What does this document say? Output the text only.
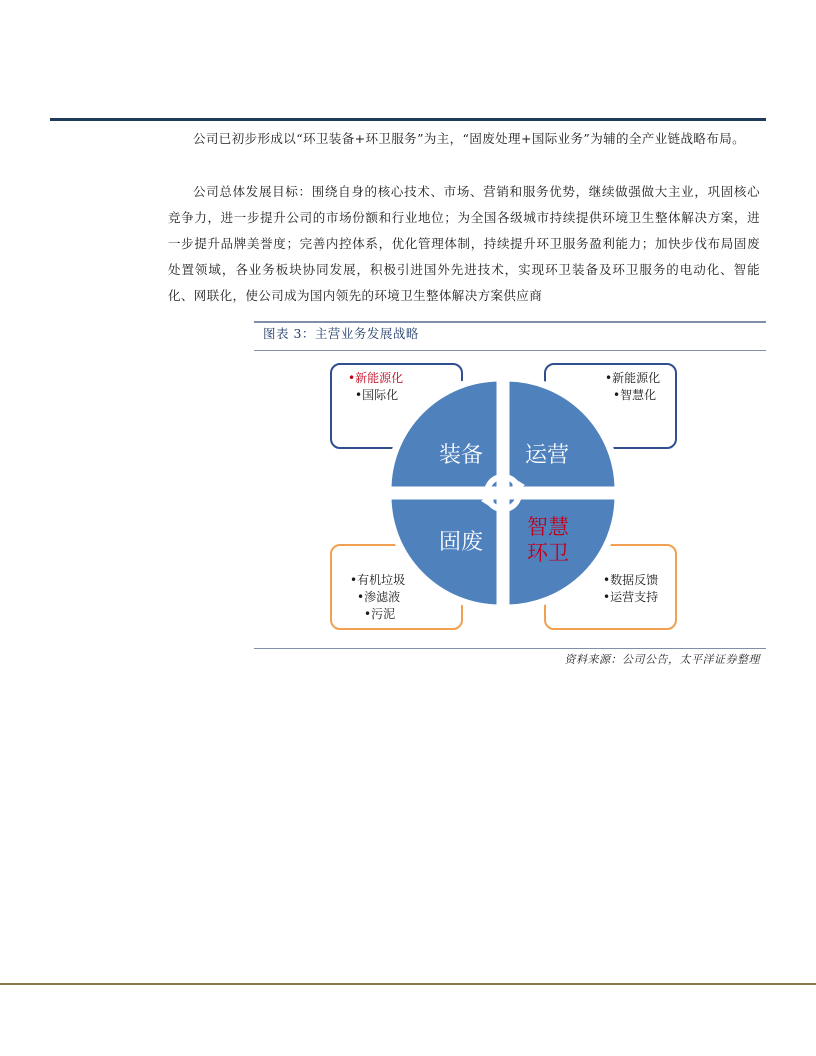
公司已初步形成以“环卫装备+环卫服务”为主，“固废处理+国际业务”为辅的全产业链战略布局。

公司总体发展目标：围绕自身的核心技术、市场、营销和服务优势，继续做强做大主业，巩固核心竞争力，进一步提升公司的市场份额和行业地位；为全国各级城市持续提供环境卫生整体解决方案，进一步提升品牌美誉度；完善内控体系，优化管理体制，持续提升环卫服务盈利能力；加快步伐布局固废处置领域，各业务板块协同发展，积极引进国外先进技术，实现环卫装备及环卫服务的电动化、智能化、网联化，使公司成为国内领先的环境卫生整体解决方案供应商

图表 3：主营业务发展战略
•新能源化
•国际化
•新能源化
•智慧化
•有机垃圾
•渗滤液
•污泥
•数据反馈
•运营支持
装备 运营
固废
智慧
环卫
资料来源：公司公告，太平洋证券整理
